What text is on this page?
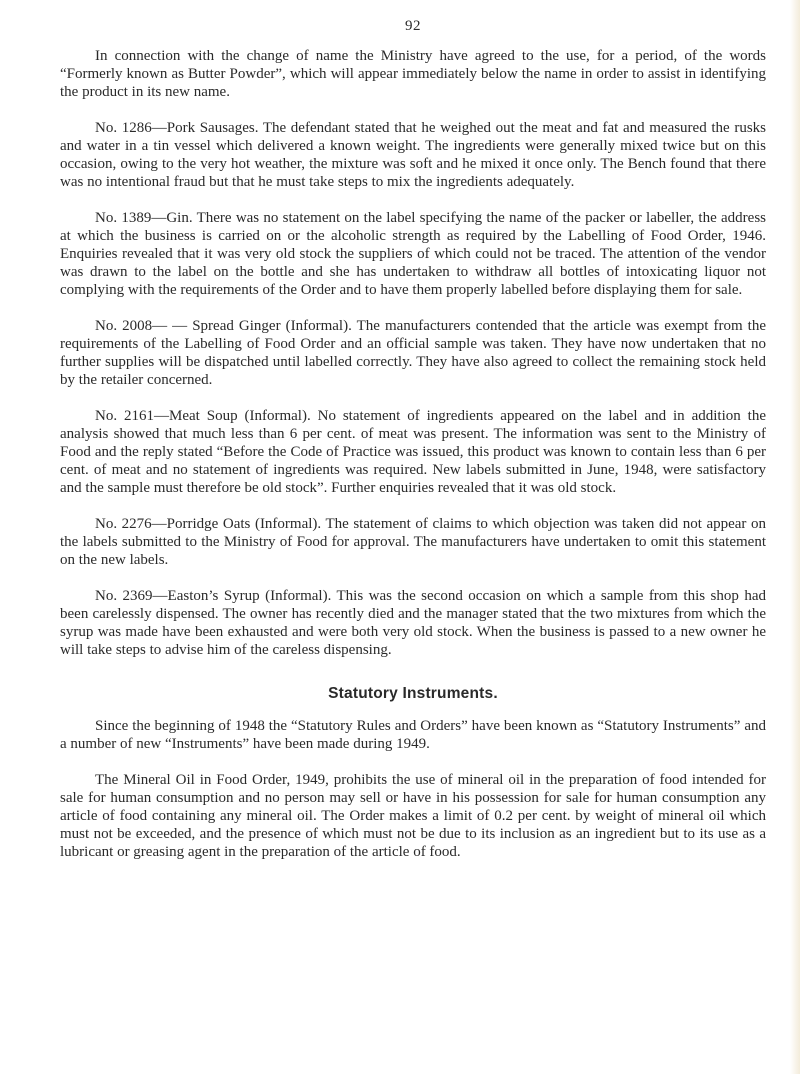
92

In connection with the change of name the Ministry have agreed to the use, for a period, of the words “Formerly known as Butter Powder”, which will appear immediately below the name in order to assist in identifying the product in its new name.

No. 1286—Pork Sausages. The defendant stated that he weighed out the meat and fat and measured the rusks and water in a tin vessel which delivered a known weight. The ingredients were generally mixed twice but on this occasion, owing to the very hot weather, the mixture was soft and he mixed it once only. The Bench found that there was no intentional fraud but that he must take steps to mix the ingredients adequately.

No. 1389—Gin. There was no statement on the label specifying the name of the packer or labeller, the address at which the business is carried on or the alcoholic strength as required by the Labelling of Food Order, 1946. Enquiries revealed that it was very old stock the suppliers of which could not be traced. The attention of the vendor was drawn to the label on the bottle and she has undertaken to withdraw all bottles of intoxicating liquor not complying with the requirements of the Order and to have them properly labelled before displaying them for sale.

No. 2008— — Spread Ginger (Informal). The manufacturers contended that the article was exempt from the requirements of the Labelling of Food Order and an official sample was taken. They have now undertaken that no further supplies will be dispatched until labelled correctly. They have also agreed to collect the remaining stock held by the retailer concerned.

No. 2161—Meat Soup (Informal). No statement of ingredients appeared on the label and in addition the analysis showed that much less than 6 per cent. of meat was present. The information was sent to the Ministry of Food and the reply stated “Before the Code of Practice was issued, this product was known to contain less than 6 per cent. of meat and no statement of ingredients was required. New labels submitted in June, 1948, were satisfactory and the sample must therefore be old stock”. Further enquiries revealed that it was old stock.

No. 2276—Porridge Oats (Informal). The statement of claims to which objection was taken did not appear on the labels submitted to the Ministry of Food for approval. The manufacturers have undertaken to omit this statement on the new labels.

No. 2369—Easton’s Syrup (Informal). This was the second occasion on which a sample from this shop had been carelessly dispensed. The owner has recently died and the manager stated that the two mixtures from which the syrup was made have been exhausted and were both very old stock. When the business is passed to a new owner he will take steps to advise him of the careless dispensing.

Statutory Instruments.

Since the beginning of 1948 the “Statutory Rules and Orders” have been known as “Statutory Instruments” and a number of new “Instruments” have been made during 1949.

The Mineral Oil in Food Order, 1949, prohibits the use of mineral oil in the preparation of food intended for sale for human consumption and no person may sell or have in his possession for sale for human consumption any article of food containing any mineral oil. The Order makes a limit of 0.2 per cent. by weight of mineral oil which must not be exceeded, and the presence of which must not be due to its inclusion as an ingredient but to its use as a lubricant or greasing agent in the preparation of the article of food.
